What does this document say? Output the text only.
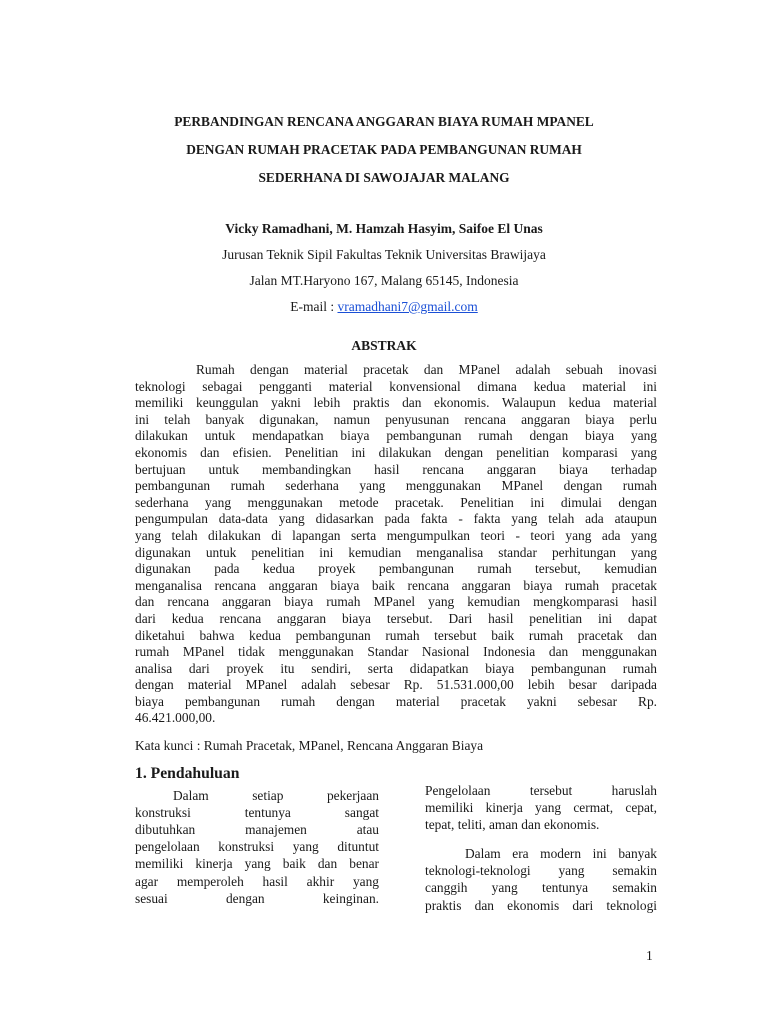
PERBANDINGAN RENCANA ANGGARAN BIAYA RUMAH MPANEL
DENGAN RUMAH PRACETAK PADA PEMBANGUNAN RUMAH
SEDERHANA DI SAWOJAJAR MALANG
Vicky Ramadhani, M. Hamzah Hasyim, Saifoe El Unas
Jurusan Teknik Sipil Fakultas Teknik Universitas Brawijaya
Jalan MT.Haryono 167, Malang 65145, Indonesia
E-mail : vramadhani7@gmail.com
ABSTRAK
Rumah dengan material pracetak dan MPanel adalah sebuah inovasi
teknologi sebagai pengganti material konvensional dimana kedua material ini
memiliki keunggulan yakni lebih praktis dan ekonomis. Walaupun kedua material
ini telah banyak digunakan, namun penyusunan rencana anggaran biaya perlu
dilakukan untuk mendapatkan biaya pembangunan rumah dengan biaya yang
ekonomis dan efisien. Penelitian ini dilakukan dengan penelitian komparasi yang
bertujuan untuk membandingkan hasil rencana anggaran biaya terhadap
pembangunan rumah sederhana yang menggunakan MPanel dengan rumah
sederhana yang menggunakan metode pracetak. Penelitian ini dimulai dengan
pengumpulan data-data yang didasarkan pada fakta - fakta yang telah ada ataupun
yang telah dilakukan di lapangan serta mengumpulkan teori - teori yang ada yang
digunakan untuk penelitian ini kemudian menganalisa standar perhitungan yang
digunakan pada kedua proyek pembangunan rumah tersebut, kemudian
menganalisa rencana anggaran biaya baik rencana anggaran biaya rumah pracetak
dan rencana anggaran biaya rumah MPanel yang kemudian mengkomparasi hasil
dari kedua rencana anggaran biaya tersebut. Dari hasil penelitian ini dapat
diketahui bahwa kedua pembangunan rumah tersebut baik rumah pracetak dan
rumah MPanel tidak menggunakan Standar Nasional Indonesia dan menggunakan
analisa dari proyek itu sendiri, serta didapatkan biaya pembangunan rumah
dengan material MPanel adalah sebesar Rp. 51.531.000,00 lebih besar daripada
biaya pembangunan rumah dengan material pracetak yakni sebesar Rp.
46.421.000,00.

Kata kunci : Rumah Pracetak, MPanel, Rencana Anggaran Biaya

1. Pendahuluan
Dalam setiap pekerjaan
konstruksi tentunya sangat
dibutuhkan manajemen atau
pengelolaan konstruksi yang dituntut
memiliki kinerja yang baik dan benar
agar memperoleh hasil akhir yang
sesuai dengan keinginan.
Pengelolaan tersebut haruslah
memiliki kinerja yang cermat, cepat,
tepat, teliti, aman dan ekonomis.
Dalam era modern ini banyak
teknologi-teknologi yang semakin
canggih yang tentunya semakin
praktis dan ekonomis dari teknologi
1
